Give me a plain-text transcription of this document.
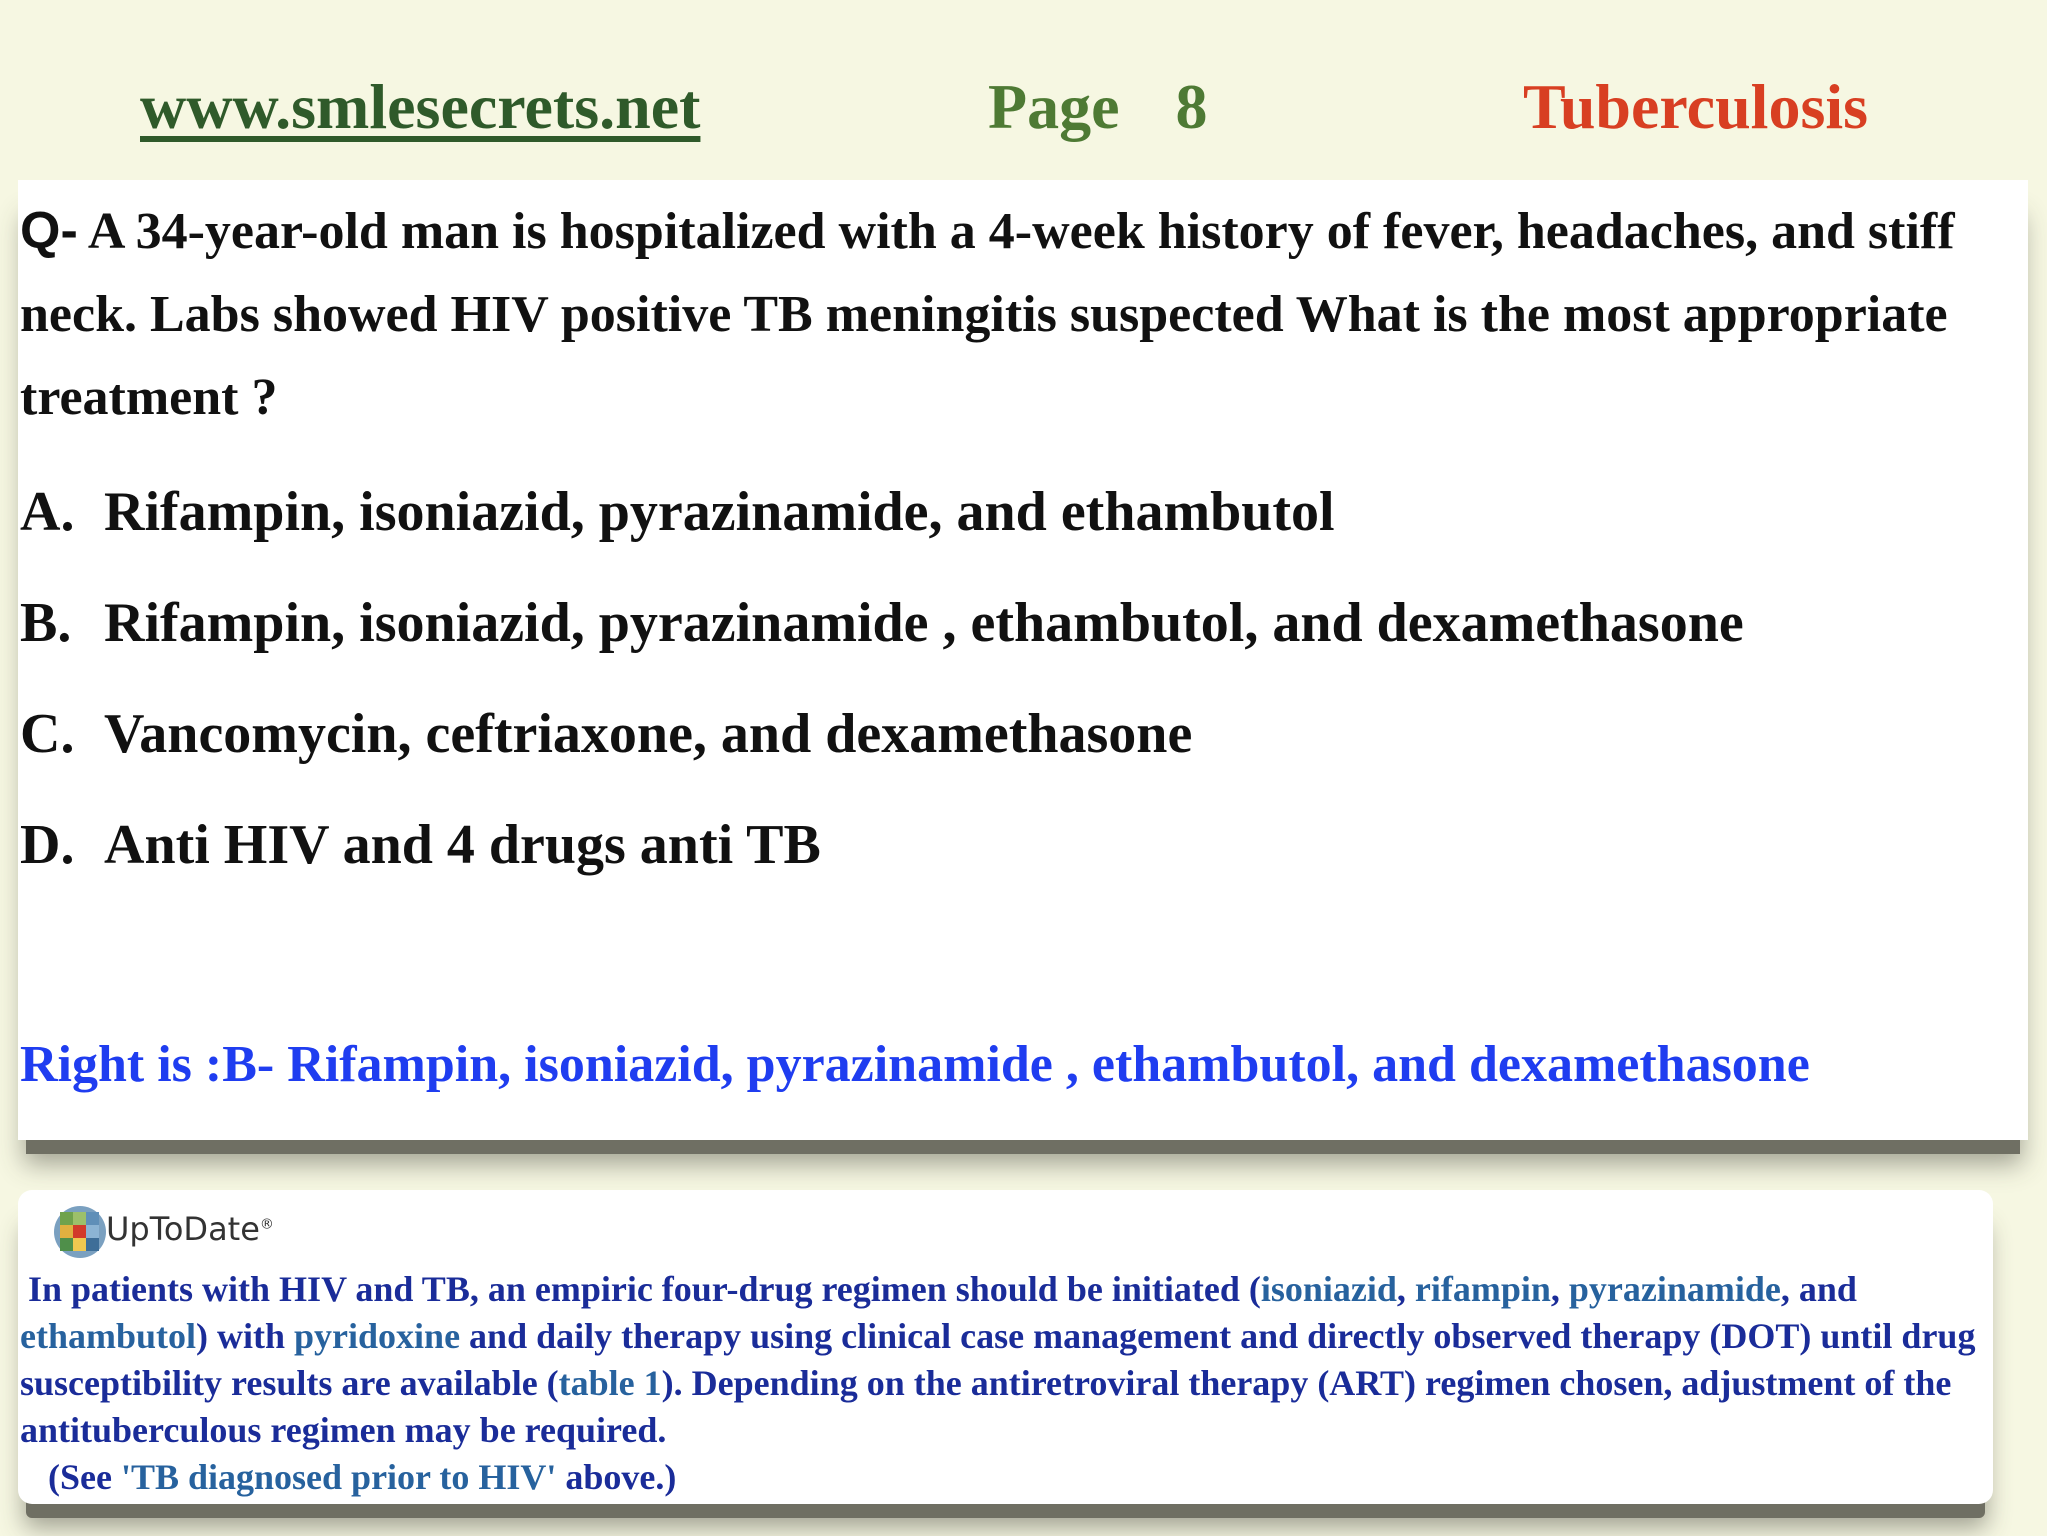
www.smlesecrets.net	Page 8	Tuberculosis
Q- A 34-year-old man is hospitalized with a 4-week history of fever, headaches, and stiff neck. Labs showed HIV positive TB meningitis suspected What is the most appropriate treatment ?
A. Rifampin, isoniazid, pyrazinamide, and ethambutol
B. Rifampin, isoniazid, pyrazinamide , ethambutol, and dexamethasone
C. Vancomycin, ceftriaxone, and dexamethasone
D. Anti HIV and 4 drugs anti TB
Right is :B- Rifampin, isoniazid, pyrazinamide , ethambutol, and dexamethasone
UpToDate®
In patients with HIV and TB, an empiric four-drug regimen should be initiated (isoniazid, rifampin, pyrazinamide, and ethambutol) with pyridoxine and daily therapy using clinical case management and directly observed therapy (DOT) until drug susceptibility results are available (table 1). Depending on the antiretroviral therapy (ART) regimen chosen, adjustment of the antituberculous regimen may be required.
(See 'TB diagnosed prior to HIV' above.)
